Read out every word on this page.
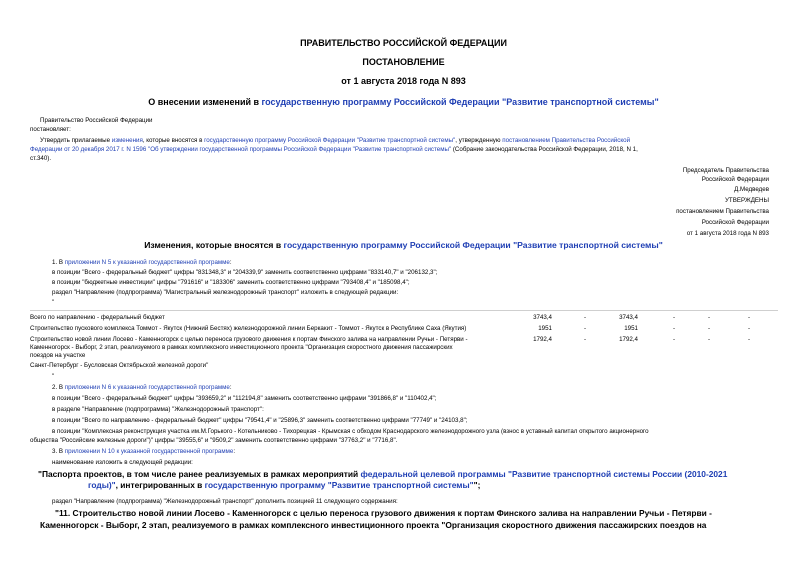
ПРАВИТЕЛЬСТВО РОССИЙСКОЙ ФЕДЕРАЦИИ
ПОСТАНОВЛЕНИЕ
от 1 августа 2018 года N 893
О внесении изменений в государственную программу Российской Федерации "Развитие транспортной системы"
Правительство Российской Федерации
постановляет:
Утвердить прилагаемые изменения, которые вносятся в государственную программу Российской Федерации "Развитие транспортной системы", утвержденную постановлением Правительства Российской
Федерации от 20 декабря 2017 г. N 1596 "Об утверждении государственной программы Российской Федерации "Развитие транспортной системы" (Собрание законодательства Российской Федерации, 2018, N 1,
ст.340).
Председатель Правительства
Российской Федерации
Д.Медведев
УТВЕРЖДЕНЫ
постановлением Правительства
Российской Федерации
от 1 августа 2018 года N 893
Изменения, которые вносятся в государственную программу Российской Федерации "Развитие транспортной системы"
1. В приложении N 5 к указанной государственной программе:
в позиции "Всего - федеральный бюджет" цифры "831348,3" и "204339,9" заменить соответственно цифрами "833140,7" и "206132,3";
в позиции "бюджетные инвестиции" цифры "791616" и "183306" заменить соответственно цифрами "793408,4" и "185098,4";
раздел "Направление (подпрограмма) "Магистральный железнодорожный транспорт" изложить в следующей редакции:
"
Всего по направлению - федеральный бюджет	3743,4	-	3743,4	-	-	-
Строительство пускового комплекса Томмот - Якутск (Нижний Бестях) железнодорожной линии Беркакит - Томмот - Якутск в Республике Саха (Якутия)	1951	-	1951	-	-	-
Строительство новой линии Лосево - Каменногорск с целью переноса грузового движения к портам Финского залива на направлении Ручьи - Петярви -	1792,4	-	1792,4	-	-	-
Каменногорск - Выборг, 2 этап, реализуемого в рамках комплексного инвестиционного проекта "Организация скоростного движения пассажирских
поездов на участке
Санкт-Петербург - Бусловская Октябрьской железной дороги"
"
2. В приложении N 6 к указанной государственной программе:
в позиции "Всего - федеральный бюджет" цифры "393659,2" и "112194,8" заменить соответственно цифрами "391866,8" и "110402,4";
в разделе "Направление (подпрограмма) "Железнодорожный транспорт":
в позиции "Всего по направлению - федеральный бюджет" цифры "79541,4" и "25896,3" заменить соответственно цифрами "77749" и "24103,8";
в позиции "Комплексная реконструкция участка им.М.Горького - Котельниково - Тихорецкая - Крымская с обходом Краснодарского железнодорожного узла (взнос в уставный капитал открытого акционерного
общества "Российские железные дороги")" цифры "39555,6" и "9509,2" заменить соответственно цифрами "37763,2" и "7716,8".
3. В приложении N 10 к указанной государственной программе:
наименование изложить в следующей редакции:
"Паспорта проектов, в том числе ранее реализуемых в рамках мероприятий федеральной целевой программы "Развитие транспортной системы России (2010-2021
годы)", интегрированных в государственную программу "Развитие транспортной системы"";
раздел "Направление (подпрограмма) "Железнодорожный транспорт" дополнить позицией 11 следующего содержания:
"11. Строительство новой линии Лосево - Каменногорск с целью переноса грузового движения к портам Финского залива на направлении Ручьи - Петярви -
Каменногорск - Выборг, 2 этап, реализуемого в рамках комплексного инвестиционного проекта "Организация скоростного движения пассажирских поездов на
